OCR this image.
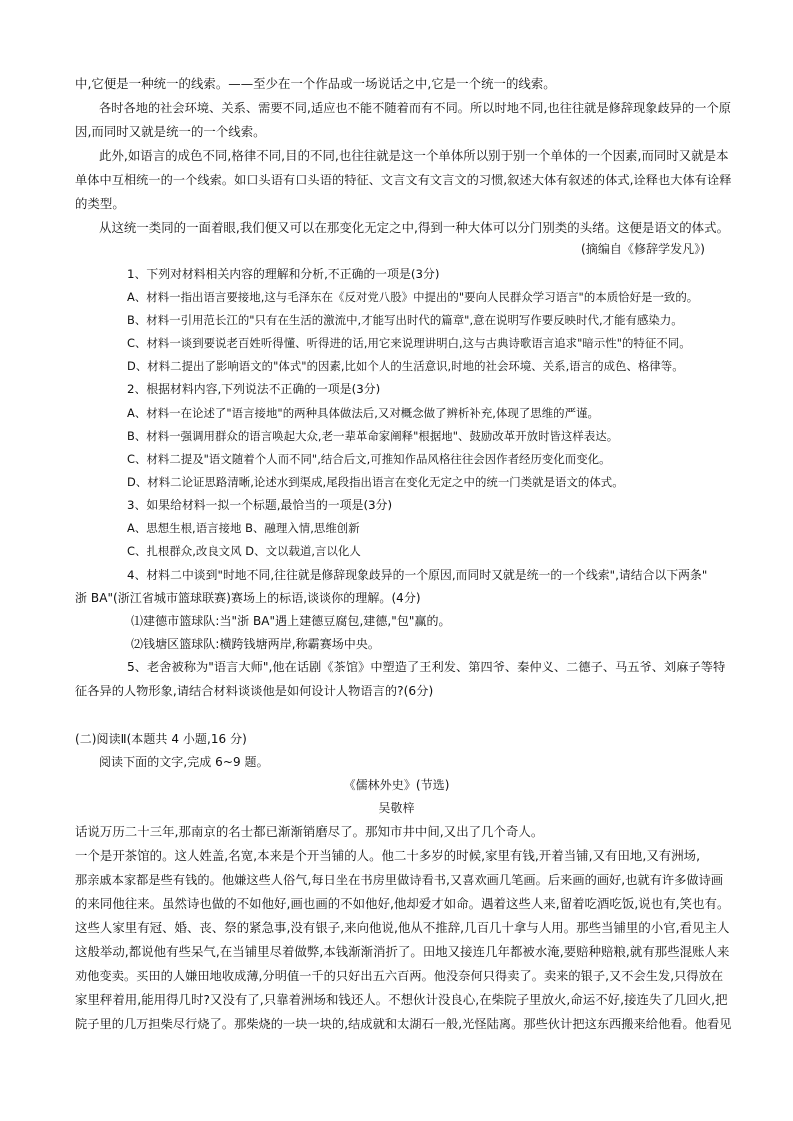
中,它便是一种统一的线索。——至少在一个作品或一场说话之中,它是一个统一的线索。
各时各地的社会环境、关系、需要不同,适应也不能不随着而有不同。所以时地不同,也往往就是修辞现象歧异的一个原
因,而同时又就是统一的一个线索。
此外,如语言的成色不同,格律不同,目的不同,也往往就是这一个单体所以别于别一个单体的一个因素,而同时又就是本
单体中互相统一的一个线索。如口头语有口头语的特征、文言文有文言文的习惯,叙述大体有叙述的体式,诠释也大体有诠释
的类型。
从这统一类同的一面着眼,我们便又可以在那变化无定之中,得到一种大体可以分门别类的头绪。这便是语文的体式。
(摘编自《修辞学发凡》)
1、下列对材料相关内容的理解和分析,不正确的一项是(3分)
A、材料一指出语言要接地,这与毛泽东在《反对党八股》中提出的"要向人民群众学习语言"的本质恰好是一致的。
B、材料一引用范长江的"只有在生活的激流中,才能写出时代的篇章",意在说明写作要反映时代,才能有感染力。
C、材料一谈到要说老百姓听得懂、听得进的话,用它来说理讲明白,这与古典诗歌语言追求"暗示性"的特征不同。
D、材料二提出了影响语文的"体式"的因素,比如个人的生活意识,时地的社会环境、关系,语言的成色、格律等。
2、根据材料内容,下列说法不正确的一项是(3分)
A、材料一在论述了"语言接地"的两种具体做法后,又对概念做了辨析补充,体现了思维的严谨。
B、材料一强调用群众的语言唤起大众,老一辈革命家阐释"根据地"、鼓励改革开放时皆这样表达。
C、材料二提及"语文随着个人而不同",结合后文,可推知作品风格往往会因作者经历变化而变化。
D、材料二论证思路清晰,论述水到渠成,尾段指出语言在变化无定之中的统一门类就是语文的体式。
3、如果给材料一拟一个标题,最恰当的一项是(3分)
A、思想生根,语言接地 B、融理入情,思维创新
C、扎根群众,改良文风 D、文以载道,言以化人
4、材料二中谈到"时地不同,往往就是修辞现象歧异的一个原因,而同时又就是统一的一个线索",请结合以下两条"
浙 BA"(浙江省城市篮球联赛)赛场上的标语,谈谈你的理解。(4分)
⑴建德市篮球队:当"浙 BA"遇上建德豆腐包,建德,"包"赢的。
⑵钱塘区篮球队:横跨钱塘两岸,称霸赛场中央。
5、老舍被称为"语言大师",他在话剧《茶馆》中塑造了王利发、第四爷、秦仲义、二德子、马五爷、刘麻子等特
征各异的人物形象,请结合材料谈谈他是如何设计人物语言的?(6分)
(二)阅读Ⅱ(本题共 4 小题,16 分)
阅读下面的文字,完成 6~9 题。
《儒林外史》(节选)
吴敬梓
话说万历二十三年,那南京的名士都已渐渐销磨尽了。那知市井中间,又出了几个奇人。
一个是开茶馆的。这人姓盖,名宽,本来是个开当铺的人。他二十多岁的时候,家里有钱,开着当铺,又有田地,又有洲场,
那亲戚本家都是些有钱的。他嫌这些人俗气,每日坐在书房里做诗看书,又喜欢画几笔画。后来画的画好,也就有许多做诗画
的来同他往来。虽然诗也做的不如他好,画也画的不如他好,他却爱才如命。遇着这些人来,留着吃酒吃饭,说也有,笑也有。
这些人家里有冠、婚、丧、祭的紧急事,没有银子,来向他说,他从不推辞,几百几十拿与人用。那些当铺里的小官,看见主人
这般举动,都说他有些呆气,在当铺里尽着做弊,本钱渐渐消折了。田地又接连几年都被水淹,要赔种赔粮,就有那些混账人来
劝他变卖。买田的人嫌田地收成薄,分明值一千的只好出五六百两。他没奈何只得卖了。卖来的银子,又不会生发,只得放在
家里秤着用,能用得几时?又没有了,只靠着洲场和钱还人。不想伙计没良心,在柴院子里放火,命运不好,接连失了几回火,把
院子里的几万担柴尽行烧了。那柴烧的一块一块的,结成就和太湖石一般,光怪陆离。那些伙计把这东西搬来给他看。他看见
